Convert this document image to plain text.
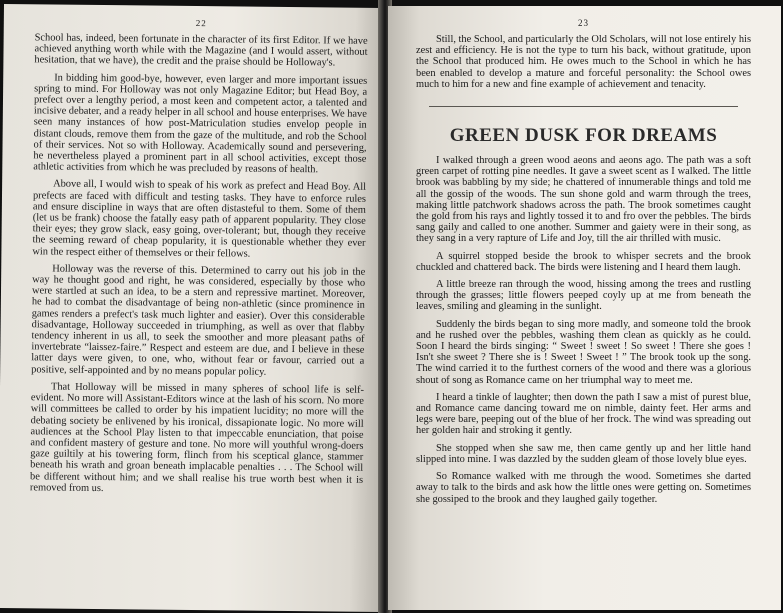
22

School has, indeed, been fortunate in the character of its first Editor. If we have achieved anything worth while with the Magazine (and I would assert, without hesitation, that we have), the credit and the praise should be Holloway's.

In bidding him good-bye, however, even larger and more important issues spring to mind. For Holloway was not only Magazine Editor; but Head Boy, a prefect over a lengthy period, a most keen and competent actor, a talented and incisive debater, and a ready helper in all school and house enterprises. We have seen many instances of how post-Matriculation studies envelop people in distant clouds, remove them from the gaze of the multitude, and rob the School of their services. Not so with Holloway. Academically sound and persevering, he nevertheless played a prominent part in all school activities, except those athletic activities from which he was precluded by reasons of health.

Above all, I would wish to speak of his work as prefect and Head Boy. All prefects are faced with difficult and testing tasks. They have to enforce rules and ensure discipline in ways that are often distasteful to them. Some of them (let us be frank) choose the fatally easy path of apparent popularity. They close their eyes; they grow slack, easy going, over-tolerant; but, though they receive the seeming reward of cheap popularity, it is questionable whether they ever win the respect either of themselves or their fellows.

Holloway was the reverse of this. Determined to carry out his job in the way he thought good and right, he was considered, especially by those who were startled at such an idea, to be a stern and repressive martinet. Moreover, he had to combat the disadvantage of being non-athletic (since prominence in games renders a prefect's task much lighter and easier). Over this considerable disadvantage, Holloway succeeded in triumphing, as well as over that flabby tendency inherent in us all, to seek the smoother and more pleasant paths of invertebrate “laissez-faire.” Respect and esteem are due, and I believe in these latter days were given, to one, who, without fear or favour, carried out a positive, self-appointed and by no means popular policy.

That Holloway will be missed in many spheres of school life is self-evident. No more will Assistant-Editors wince at the lash of his scorn. No more will committees be called to order by his impatient lucidity; no more will the debating society be enlivened by his ironical, dissapionate logic. No more will audiences at the School Play listen to that impeccable enunciation, that poise and confident mastery of gesture and tone. No more will youthful wrong-doers gaze guiltily at his towering form, flinch from his sceptical glance, stammer beneath his wrath and groan beneath implacable penalties . . . The School will be different without him; and we shall realise his true worth best when it is removed from us.

23

Still, the School, and particularly the Old Scholars, will not lose entirely his zest and efficiency. He is not the type to turn his back, without gratitude, upon the School that produced him. He owes much to the School in which he has been enabled to develop a mature and forceful personality: the School owes much to him for a new and fine example of achievement and tenacity.

GREEN DUSK FOR DREAMS

I walked through a green wood aeons and aeons ago. The path was a soft green carpet of rotting pine needles. It gave a sweet scent as I walked. The little brook was babbling by my side; he chattered of innumerable things and told me all the gossip of the woods. The sun shone gold and warm through the trees, making little patchwork shadows across the path. The brook sometimes caught the gold from his rays and lightly tossed it to and fro over the pebbles. The birds sang gaily and called to one another. Summer and gaiety were in their song, as they sang in a very rapture of Life and Joy, till the air thrilled with music.

A squirrel stopped beside the brook to whisper secrets and the brook chuckled and chattered back. The birds were listening and I heard them laugh.

A little breeze ran through the wood, hissing among the trees and rustling through the grasses; little flowers peeped coyly up at me from beneath the leaves, smiling and gleaming in the sunlight.

Suddenly the birds began to sing more madly, and someone told the brook and he rushed over the pebbles, washing them clean as quickly as he could. Soon I heard the birds singing: “ Sweet ! sweet ! So sweet ! There she goes ! Isn't she sweet ? There she is ! Sweet ! Sweet ! ” The brook took up the song. The wind carried it to the furthest corners of the wood and there was a glorious shout of song as Romance came on her triumphal way to meet me.

I heard a tinkle of laughter; then down the path I saw a mist of purest blue, and Romance came dancing toward me on nimble, dainty feet. Her arms and legs were bare, peeping out of the blue of her frock. The wind was spreading out her golden hair and stroking it gently.

She stopped when she saw me, then came gently up and her little hand slipped into mine. I was dazzled by the sudden gleam of those lovely blue eyes.

So Romance walked with me through the wood. Sometimes she darted away to talk to the birds and ask how the little ones were getting on. Sometimes she gossiped to the brook and they laughed gaily together.
